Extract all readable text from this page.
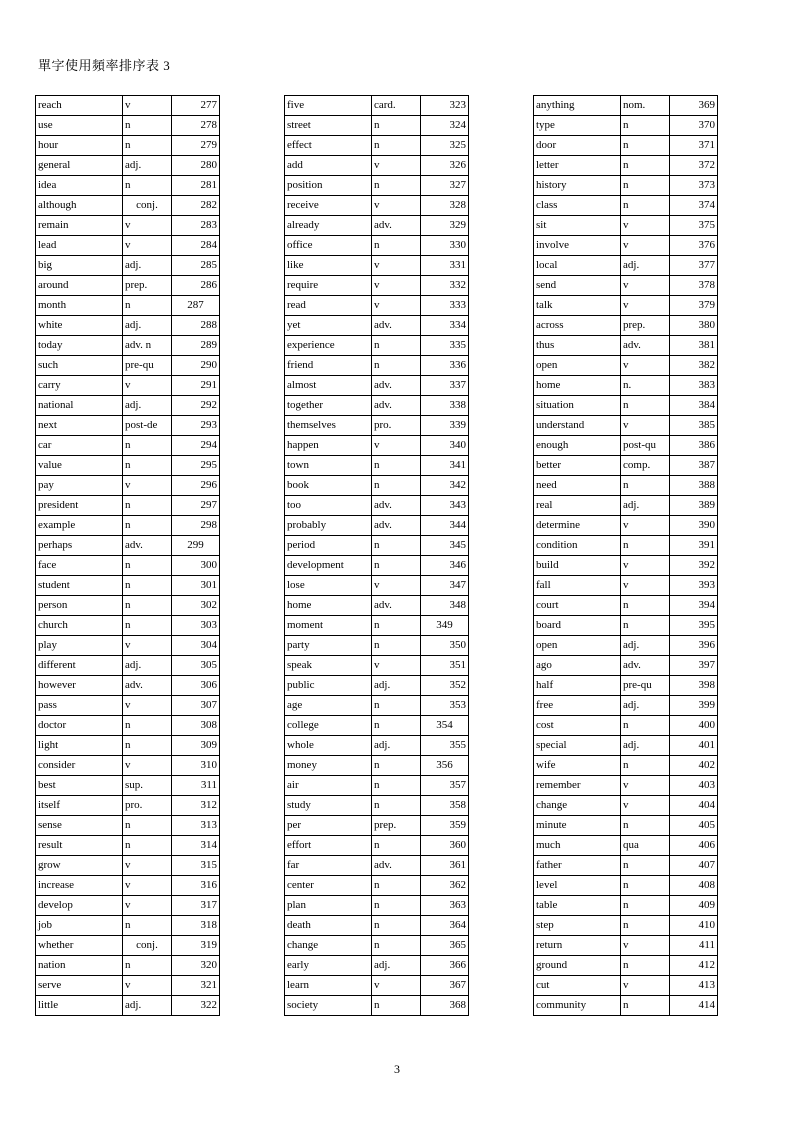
單字使用頻率排序表 3
reach	v	277
use	n	278
hour	n	279
general	adj.	280
idea	n	281
although	conj.	282
remain	v	283
lead	v	284
big	adj.	285
around	prep.	286
month	n	287
white	adj.	288
today	adv. n	289
such	pre-qu	290
carry	v	291
national	adj.	292
next	post-de	293
car	n	294
value	n	295
pay	v	296
president	n	297
example	n	298
perhaps	adv.	299
face	n	300
student	n	301
person	n	302
church	n	303
play	v	304
different	adj.	305
however	adv.	306
pass	v	307
doctor	n	308
light	n	309
consider	v	310
best	sup.	311
itself	pro.	312
sense	n	313
result	n	314
grow	v	315
increase	v	316
develop	v	317
job	n	318
whether	conj.	319
nation	n	320
serve	v	321
little	adj.	322
five	card.	323
street	n	324
effect	n	325
add	v	326
position	n	327
receive	v	328
already	adv.	329
office	n	330
like	v	331
require	v	332
read	v	333
yet	adv.	334
experience	n	335
friend	n	336
almost	adv.	337
together	adv.	338
themselves	pro.	339
happen	v	340
town	n	341
book	n	342
too	adv.	343
probably	adv.	344
period	n	345
development	n	346
lose	v	347
home	adv.	348
moment	n	349
party	n	350
speak	v	351
public	adj.	352
age	n	353
college	n	354
whole	adj.	355
money	n	356
air	n	357
study	n	358
per	prep.	359
effort	n	360
far	adv.	361
center	n	362
plan	n	363
death	n	364
change	n	365
early	adj.	366
learn	v	367
society	n	368
anything	nom.	369
type	n	370
door	n	371
letter	n	372
history	n	373
class	n	374
sit	v	375
involve	v	376
local	adj.	377
send	v	378
talk	v	379
across	prep.	380
thus	adv.	381
open	v	382
home	n.	383
situation	n	384
understand	v	385
enough	post-qu	386
better	comp.	387
need	n	388
real	adj.	389
determine	v	390
condition	n	391
build	v	392
fall	v	393
court	n	394
board	n	395
open	adj.	396
ago	adv.	397
half	pre-qu	398
free	adj.	399
cost	n	400
special	adj.	401
wife	n	402
remember	v	403
change	v	404
minute	n	405
much	qua	406
father	n	407
level	n	408
table	n	409
step	n	410
return	v	411
ground	n	412
cut	v	413
community	n	414
3
